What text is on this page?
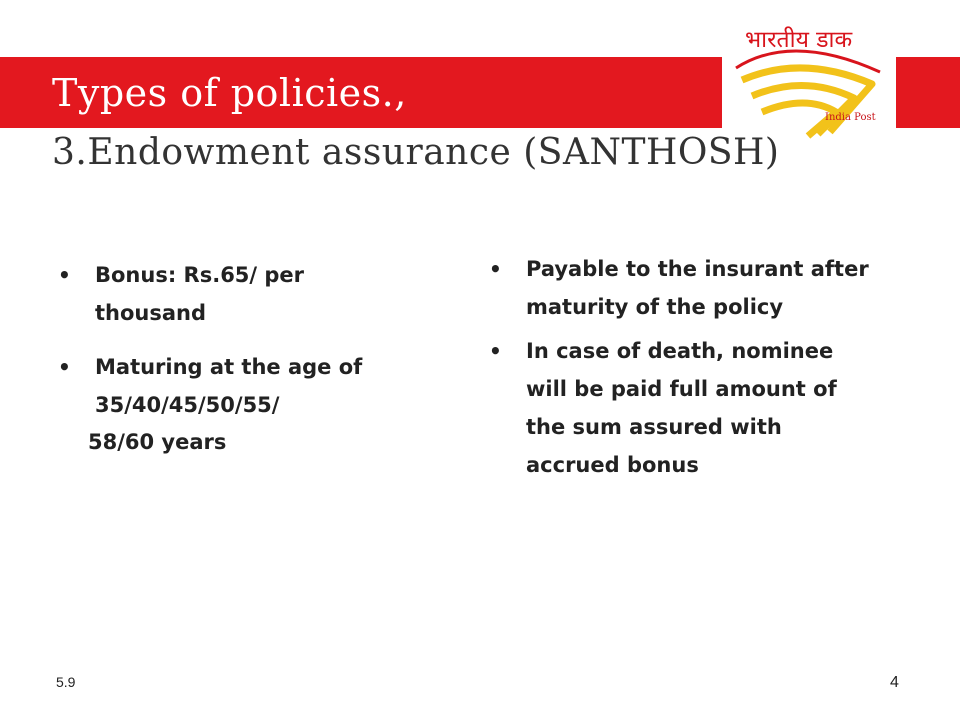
भारतीय डाक
India Post
Types of policies.,
3.Endowment assurance (SANTHOSH)
• Bonus: Rs.65/ per thousand
• Maturing at the age of 35/40/45/50/55/

58/60 years

• Payable to the insurant after maturity of the policy
• In case of death, nominee will be paid full amount of the sum assured with accrued bonus
5.9	4
